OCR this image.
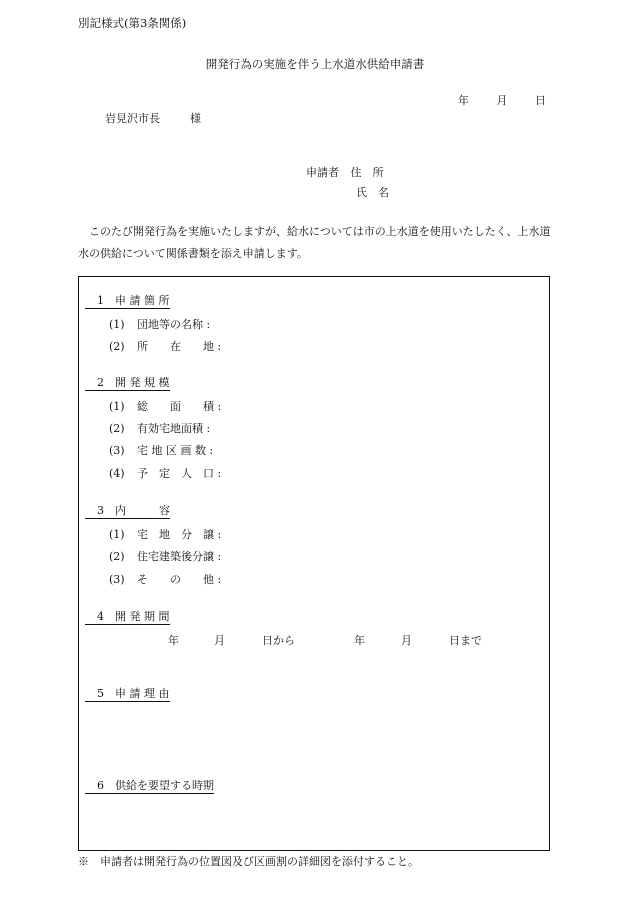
別記様式(第3条関係)
開発行為の実施を伴う上水道水供給申請書
年	月	日
岩見沢市長	様
申請者 住　所
氏　名
このたび開発行為を実施いたしますが、給水については市の上水道を使用いたしたく、上水道水の供給について関係書類を添え申請します。
1　申 請 箇 所
(1) 団地等の名称 :
(2) 所　　在　　地 :
2　開 発 規 模
(1) 総　　面　　積 :
(2) 有効宅地面積 :
(3) 宅 地 区 画 数 :
(4) 予　定　人　口 :
3　内　　　容
(1) 宅　地　分　譲 :
(2) 住宅建築後分譲 :
(3) そ　　の　　他 :
4　開 発 期 間
年	月	日から	年	月	日まで
5　申 請 理 由
6　供給を要望する時期
※　申請者は開発行為の位置図及び区画割の詳細図を添付すること。
